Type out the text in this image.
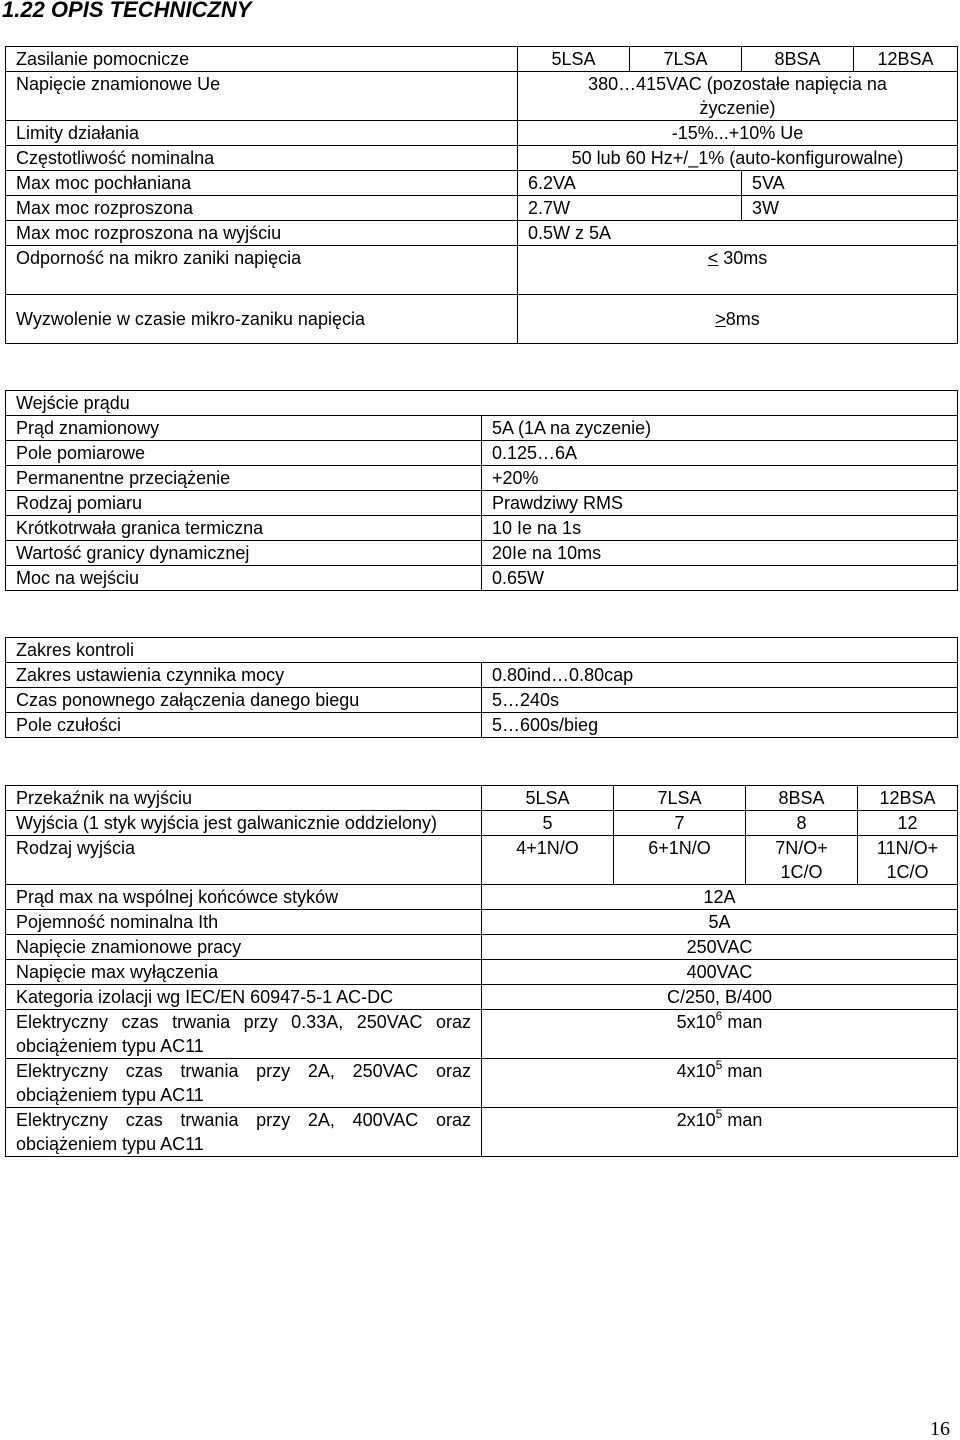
1.22 OPIS TECHNICZNY
Zasilanie pomocnicze	5LSA	7LSA	8BSA	12BSA
Napięcie znamionowe Ue	380…415VAC (pozostałe napięcia na życzenie)			
Limity działania	-15%...+10% Ue			
Częstotliwość nominalna	50 lub 60 Hz+/_1% (auto-konfigurowalne)			
Max moc pochłaniana	6.2VA		5VA	
Max moc rozproszona	2.7W		3W	
Max moc rozproszona na wyjściu	0.5W z 5A			
Odporność na mikro zaniki napięcia	≤ 30ms			
Wyzwolenie w czasie mikro-zaniku napięcia	≥8ms			
Wejście prądu	
Prąd znamionowy	5A (1A na zyczenie)
Pole pomiarowe	0.125…6A
Permanentne przeciążenie	+20%
Rodzaj pomiaru	Prawdziwy RMS
Krótkotrwała granica termiczna	10 Ie na 1s
Wartość granicy dynamicznej	20Ie na 10ms
Moc na wejściu	0.65W
Zakres kontroli	
Zakres ustawienia czynnika mocy	0.80ind…0.80cap
Czas ponownego załączenia danego biegu	5…240s
Pole czułości	5…600s/bieg
Przekaźnik na wyjściu	5LSA	7LSA	8BSA	12BSA
Wyjścia (1 styk wyjścia jest galwanicznie oddzielony)	5	7	8	12
Rodzaj wyjścia	4+1N/O	6+1N/O	7N/O+ 1C/O	11N/O+ 1C/O
Prąd max na wspólnej końcówce styków	12A			
Pojemność nominalna Ith	5A			
Napięcie znamionowe pracy	250VAC			
Napięcie max wyłączenia	400VAC			
Kategoria izolacji wg IEC/EN 60947-5-1 AC-DC	C/250, B/400			
Elektryczny czas trwania przy 0.33A, 250VAC oraz obciążeniem typu AC11	$5x10^6$ man			
Elektryczny czas trwania przy 2A, 250VAC oraz obciążeniem typu AC11	$4x10^5$ man			
Elektryczny czas trwania przy 2A, 400VAC oraz obciążeniem typu AC11	$2x10^5$ man			
16
